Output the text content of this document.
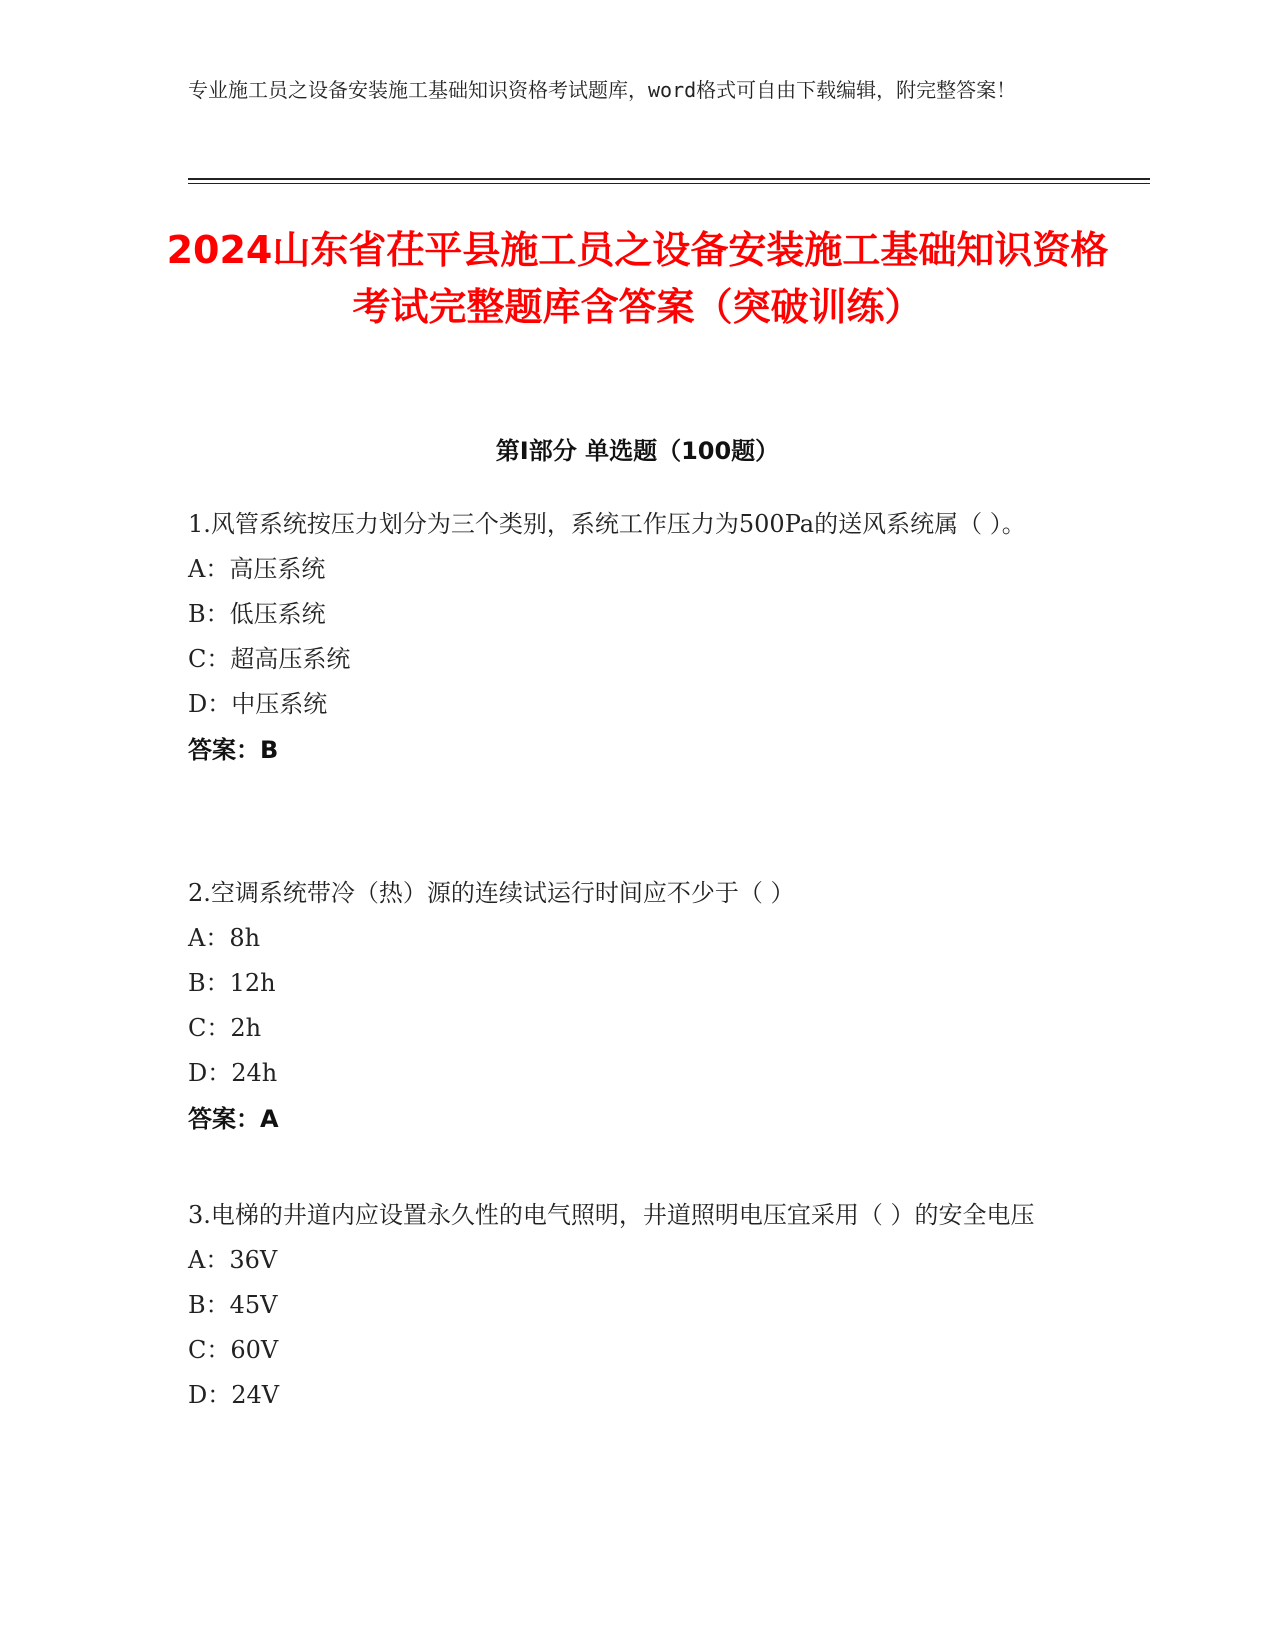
专业施工员之设备安装施工基础知识资格考试题库，word格式可自由下载编辑，附完整答案！

2024山东省茌平县施工员之设备安装施工基础知识资格考试完整题库含答案（突破训练）
第I部分 单选题（100题）

1.风管系统按压力划分为三个类别，系统工作压力为500Pa的送风系统属（ ）。

A：高压系统

B：低压系统

C：超高压系统

D：中压系统

答案：B

2.空调系统带冷（热）源的连续试运行时间应不少于（ ）

A：8h

B：12h

C：2h

D：24h

答案：A

3.电梯的井道内应设置永久性的电气照明，井道照明电压宜采用（ ）的安全电压

A：36V

B：45V

C：60V

D：24V
